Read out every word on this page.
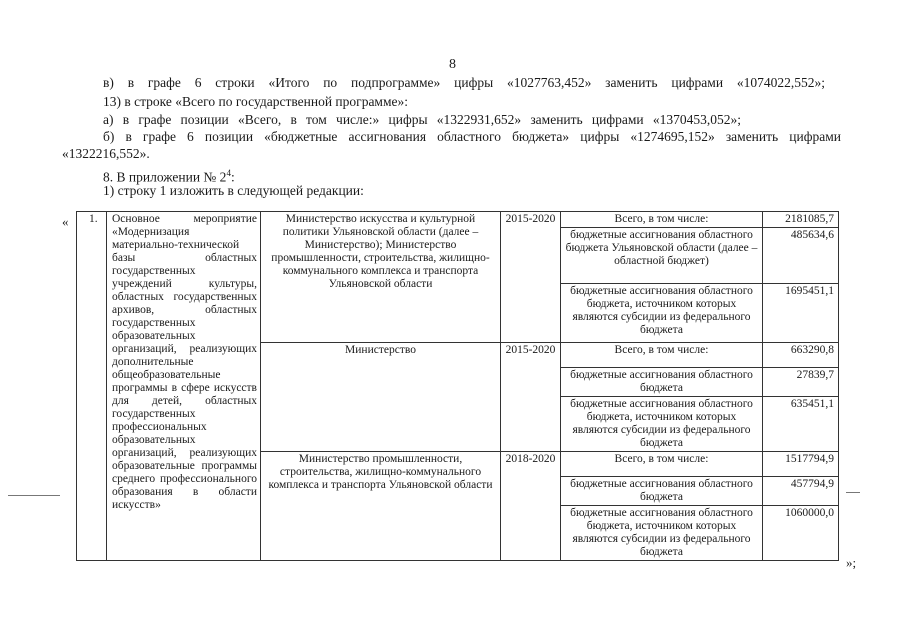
8
в) в графе 6 строки «Итого по подпрограмме» цифры «1027763,452» заменить цифрами «1074022,552»;
13) в строке «Всего по государственной программе»:
а) в графе позиции «Всего, в том числе:» цифры «1322931,652» заменить цифрами «1370453,052»;
б) в графе 6 позиции «бюджетные ассигнования областного бюджета» цифры «1274695,152» заменить цифрами
«1322216,552».
8. В приложении № $2^4$:
1) строку 1 изложить в следующей редакции:
« 1.	Основное мероприятие «Модернизация материально-технической базы областных государственных учреждений культуры, областных государственных архивов, областных государственных образовательных организаций, реализующих дополнительные общеобразовательные программы в сфере искусств для детей, областных государственных профессиональных образовательных организаций, реализующих образовательные программы среднего профессионального образования в области искусств»	Министерство искусства и культурной политики Ульяновской области (далее – Министерство); Министерство промышленности, строительства, жилищно-коммунального комплекса и транспорта Ульяновской области	2015-2020	Всего, в том числе:	2181085,7
				бюджетные ассигнования областного бюджета Ульяновской области (далее – областной бюджет)	485634,6
				бюджетные ассигнования областного бюджета, источником которых являются субсидии из федерального бюджета	1695451,1
		Министерство	2015-2020	Всего, в том числе:	663290,8
				бюджетные ассигнования областного бюджета	27839,7
				бюджетные ассигнования областного бюджета, источником которых являются субсидии из федерального бюджета	635451,1
		Министерство промышленности, строительства, жилищно-коммунального комплекса и транспорта Ульяновской области	2018-2020	Всего, в том числе:	1517794,9
				бюджетные ассигнования областного бюджета	457794,9
				бюджетные ассигнования областного бюджета, источником которых являются субсидии из федерального бюджета	1060000,0
»;
